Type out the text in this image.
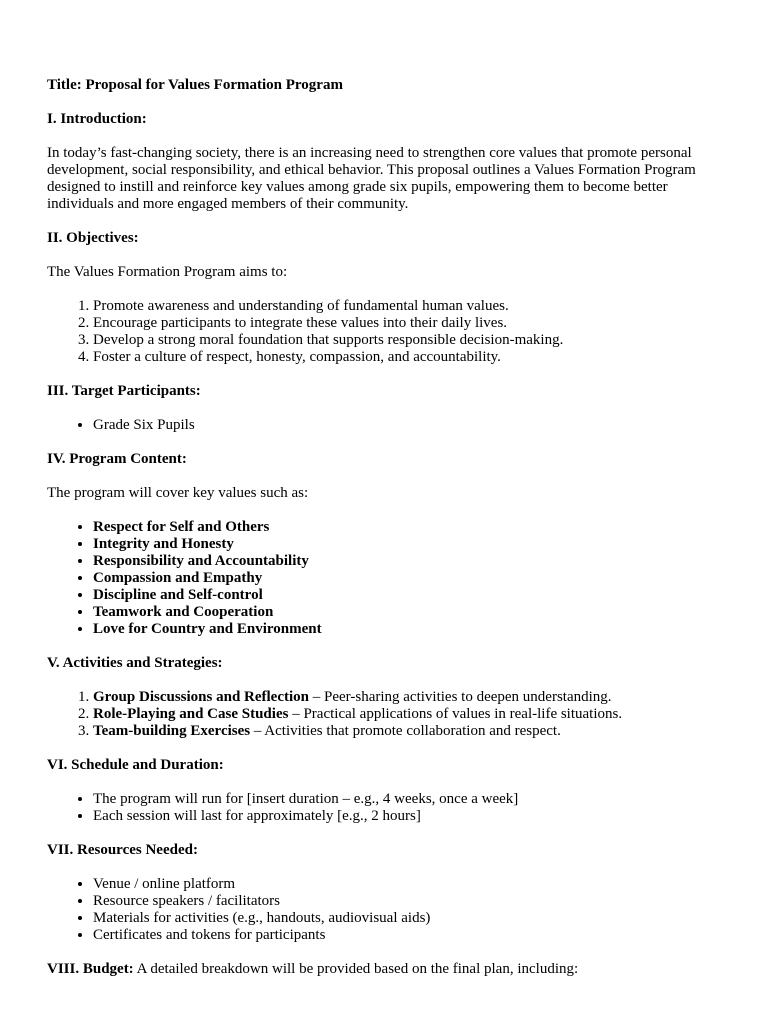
Title: Proposal for Values Formation Program

I. Introduction:

In today’s fast-changing society, there is an increasing need to strengthen core values that promote personal development, social responsibility, and ethical behavior. This proposal outlines a Values Formation Program designed to instill and reinforce key values among grade six pupils, empowering them to become better individuals and more engaged members of their community.

II. Objectives:

The Values Formation Program aims to:

1. Promote awareness and understanding of fundamental human values.
2. Encourage participants to integrate these values into their daily lives.
3. Develop a strong moral foundation that supports responsible decision-making.
4. Foster a culture of respect, honesty, compassion, and accountability.

III. Target Participants:

• Grade Six Pupils

IV. Program Content:

The program will cover key values such as:

• Respect for Self and Others
• Integrity and Honesty
• Responsibility and Accountability
• Compassion and Empathy
• Discipline and Self-control
• Teamwork and Cooperation
• Love for Country and Environment

V. Activities and Strategies:

1. Group Discussions and Reflection – Peer-sharing activities to deepen understanding.
2. Role-Playing and Case Studies – Practical applications of values in real-life situations.
3. Team-building Exercises – Activities that promote collaboration and respect.

VI. Schedule and Duration:

• The program will run for [insert duration – e.g., 4 weeks, once a week]
• Each session will last for approximately [e.g., 2 hours]

VII. Resources Needed:

• Venue / online platform
• Resource speakers / facilitators
• Materials for activities (e.g., handouts, audiovisual aids)
• Certificates and tokens for participants

VIII. Budget: A detailed breakdown will be provided based on the final plan, including:
